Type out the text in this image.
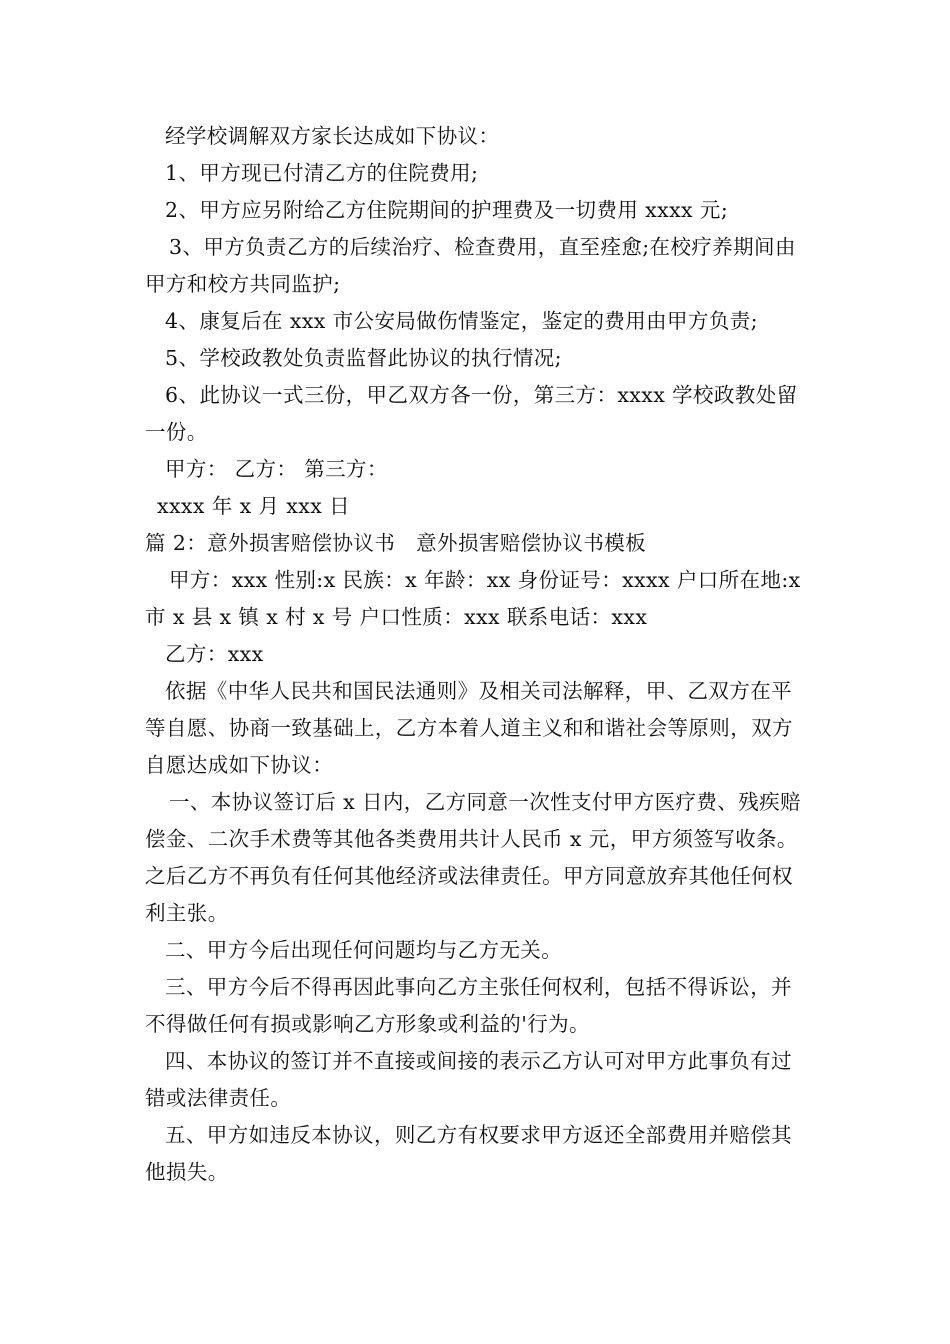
经学校调解双方家长达成如下协议：

1、甲方现已付清乙方的住院费用;

2、甲方应另附给乙方住院期间的护理费及一切费用 xxxx 元;

3、甲方负责乙方的后续治疗、检查费用，直至痊愈;在校疗养期间由甲方和校方共同监护;

4、康复后在 xxx 市公安局做伤情鉴定，鉴定的费用由甲方负责;

5、学校政教处负责监督此协议的执行情况;

6、此协议一式三份，甲乙双方各一份，第三方：xxxx 学校政教处留一份。

甲方： 乙方： 第三方：

xxxx 年 x 月 xxx 日

篇 2：意外损害赔偿协议书　意外损害赔偿协议书模板

甲方：xxx 性别:x 民族：x 年龄：xx 身份证号：xxxx 户口所在地:x 市 x 县 x 镇 x 村 x 号 户口性质：xxx 联系电话：xxx

乙方：xxx

依据《中华人民共和国民法通则》及相关司法解释，甲、乙双方在平等自愿、协商一致基础上，乙方本着人道主义和和谐社会等原则，双方自愿达成如下协议：

一、本协议签订后 x 日内，乙方同意一次性支付甲方医疗费、残疾赔偿金、二次手术费等其他各类费用共计人民币 x 元，甲方须签写收条。之后乙方不再负有任何其他经济或法律责任。甲方同意放弃其他任何权利主张。

二、甲方今后出现任何问题均与乙方无关。

三、甲方今后不得再因此事向乙方主张任何权利，包括不得诉讼，并不得做任何有损或影响乙方形象或利益的'行为。

四、本协议的签订并不直接或间接的表示乙方认可对甲方此事负有过错或法律责任。

五、甲方如违反本协议，则乙方有权要求甲方返还全部费用并赔偿其他损失。
